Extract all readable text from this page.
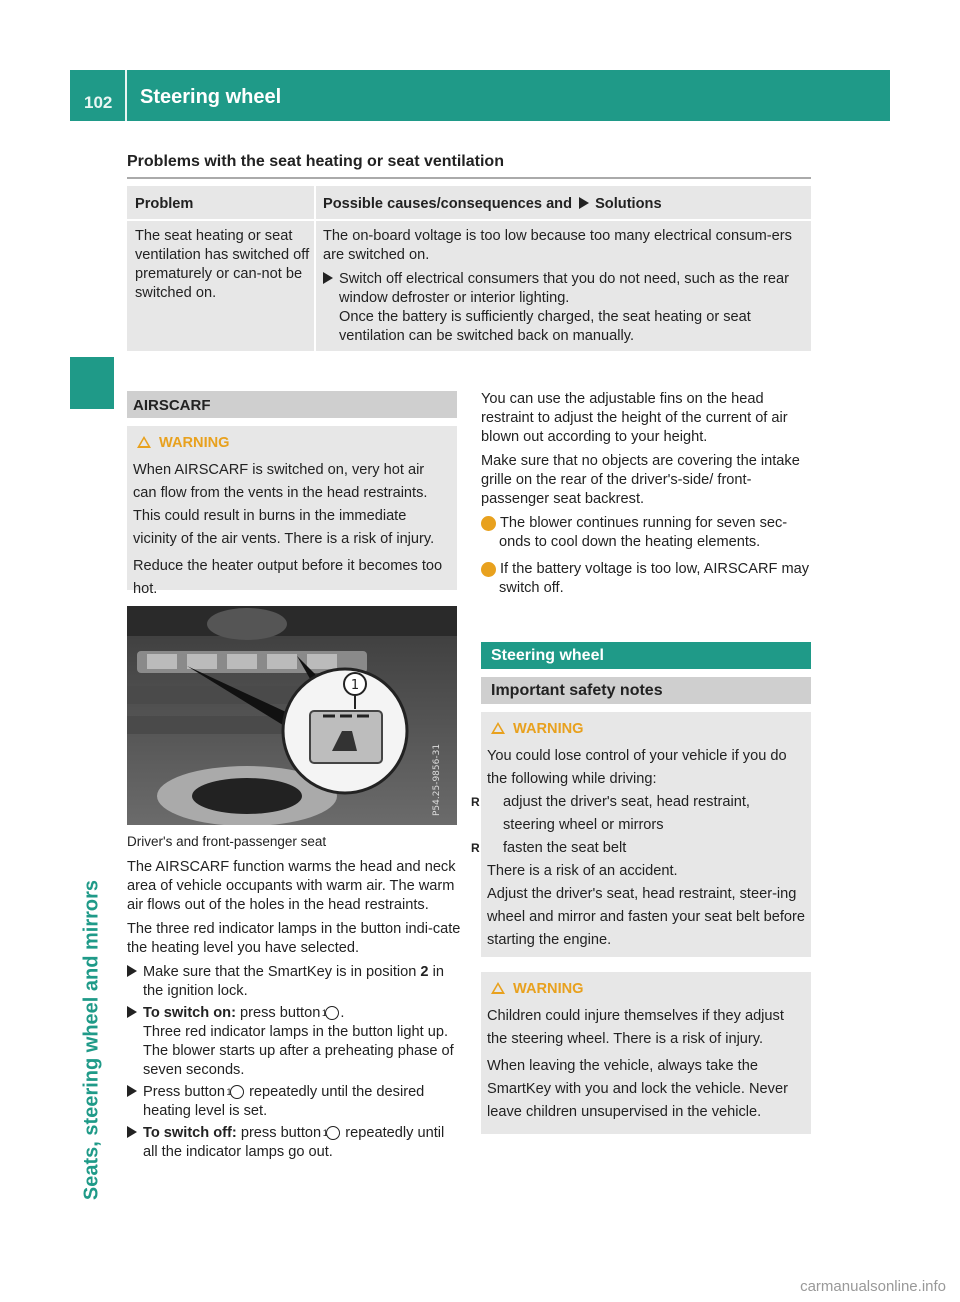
102 Steering wheel
Seats, steering wheel and mirrors
Problems with the seat heating or seat ventilation
Problem	Possible causes/consequences and Solutions
The seat heating or seat ventilation has switched off prematurely or can-not be switched on.
The on-board voltage is too low because too many electrical consum-ers are switched on.
Switch off electrical consumers that you do not need, such as the rear window defroster or interior lighting.
Once the battery is sufficiently charged, the seat heating or seat ventilation can be switched back on manually.
AIRSCARF
WARNING
When AIRSCARF is switched on, very hot air can flow from the vents in the head restraints. This could result in burns in the immediate vicinity of the air vents. There is a risk of injury.
Reduce the heater output before it becomes too hot.
1
P54.25-9856-31
Driver's and front-passenger seat
The AIRSCARF function warms the head and neck area of vehicle occupants with warm air. The warm air flows out of the holes in the head restraints.
The three red indicator lamps in the button indi-cate the heating level you have selected.
Make sure that the SmartKey is in position 2 in the ignition lock.
To switch on: press button 1 .
Three red indicator lamps in the button light up. The blower starts up after a preheating phase of seven seconds.
Press button 1 repeatedly until the desired heating level is set.
To switch off: press button 1 repeatedly until all the indicator lamps go out.
You can use the adjustable fins on the head restraint to adjust the height of the current of air blown out according to your height.
Make sure that no objects are covering the intake grille on the rear of the driver's-side/ front-passenger seat backrest.
i The blower continues running for seven sec-onds to cool down the heating elements.
i If the battery voltage is too low, AIRSCARF may switch off.
Steering wheel
Important safety notes
WARNING
You could lose control of your vehicle if you do the following while driving:
R adjust the driver's seat, head restraint, steering wheel or mirrors
R fasten the seat belt
There is a risk of an accident.
Adjust the driver's seat, head restraint, steer-ing wheel and mirror and fasten your seat belt before starting the engine.
WARNING
Children could injure themselves if they adjust the steering wheel. There is a risk of injury.
When leaving the vehicle, always take the SmartKey with you and lock the vehicle. Never leave children unsupervised in the vehicle.
carmanualsonline.info
